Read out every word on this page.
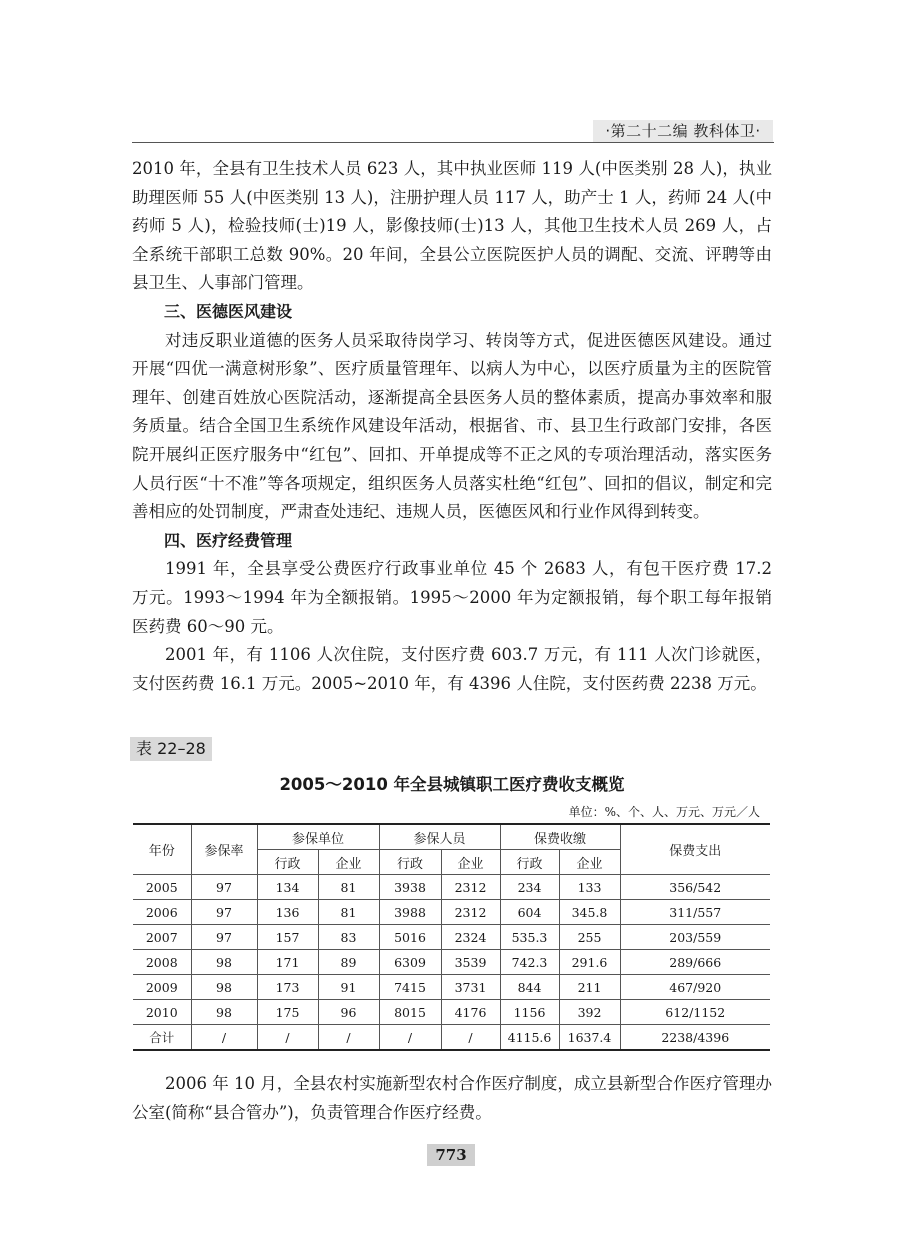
·第二十二编 教科体卫·

2010 年，全县有卫生技术人员 623 人，其中执业医师 119 人(中医类别 28 人)，执业助理医师 55 人(中医类别 13 人)，注册护理人员 117 人，助产士 1 人，药师 24 人(中药师 5 人)，检验技师(士)19 人，影像技师(士)13 人，其他卫生技术人员 269 人，占全系统干部职工总数 90%。20 年间，全县公立医院医护人员的调配、交流、评聘等由县卫生、人事部门管理。

三、医德医风建设

对违反职业道德的医务人员采取待岗学习、转岗等方式，促进医德医风建设。通过开展“四优一满意树形象”、医疗质量管理年、以病人为中心，以医疗质量为主的医院管理年、创建百姓放心医院活动，逐渐提高全县医务人员的整体素质，提高办事效率和服务质量。结合全国卫生系统作风建设年活动，根据省、市、县卫生行政部门安排，各医院开展纠正医疗服务中“红包”、回扣、开单提成等不正之风的专项治理活动，落实医务人员行医“十不准”等各项规定，组织医务人员落实杜绝“红包”、回扣的倡议，制定和完善相应的处罚制度，严肃查处违纪、违规人员，医德医风和行业作风得到转变。

四、医疗经费管理

1991 年，全县享受公费医疗行政事业单位 45 个 2683 人，有包干医疗费 17.2 万元。1993～1994 年为全额报销。1995～2000 年为定额报销，每个职工每年报销医药费 60～90 元。

2001 年，有 1106 人次住院，支付医疗费 603.7 万元，有 111 人次门诊就医，支付医药费 16.1 万元。2005~2010 年，有 4396 人住院，支付医药费 2238 万元。

表 22–28
2005～2010 年全县城镇职工医疗费收支概览
单位：%、个、人、万元、万元／人
年份	参保率	参保单位		参保人员		保费收缴		保费支出
		行政	企业	行政	企业	行政	企业	
2005	97	134	81	3938	2312	234	133	356/542
2006	97	136	81	3988	2312	604	345.8	311/557
2007	97	157	83	5016	2324	535.3	255	203/559
2008	98	171	89	6309	3539	742.3	291.6	289/666
2009	98	173	91	7415	3731	844	211	467/920
2010	98	175	96	8015	4176	1156	392	612/1152
合计	/	/	/	/	/	4115.6	1637.4	2238/4396

2006 年 10 月，全县农村实施新型农村合作医疗制度，成立县新型合作医疗管理办公室(简称“县合管办”)，负责管理合作医疗经费。

773
